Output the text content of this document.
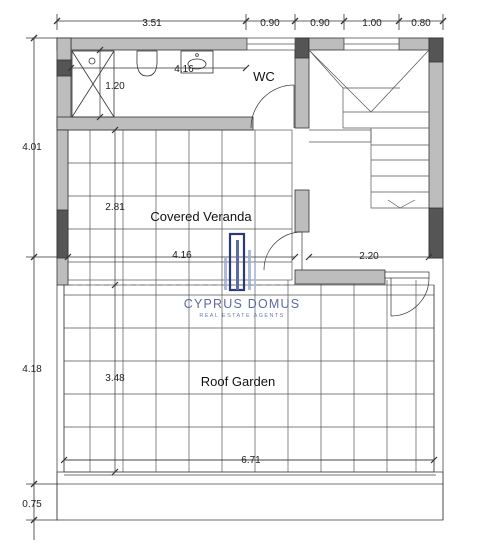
3.51	0.90	0.90	1.00	0.80
4.01
4.18
0.75
4.16
1.20
2.81
4.16	2.20
3.48
6.71
WC
Covered Veranda
Roof Garden
CYPRUS DOMUS
REAL ESTATE AGENTS
